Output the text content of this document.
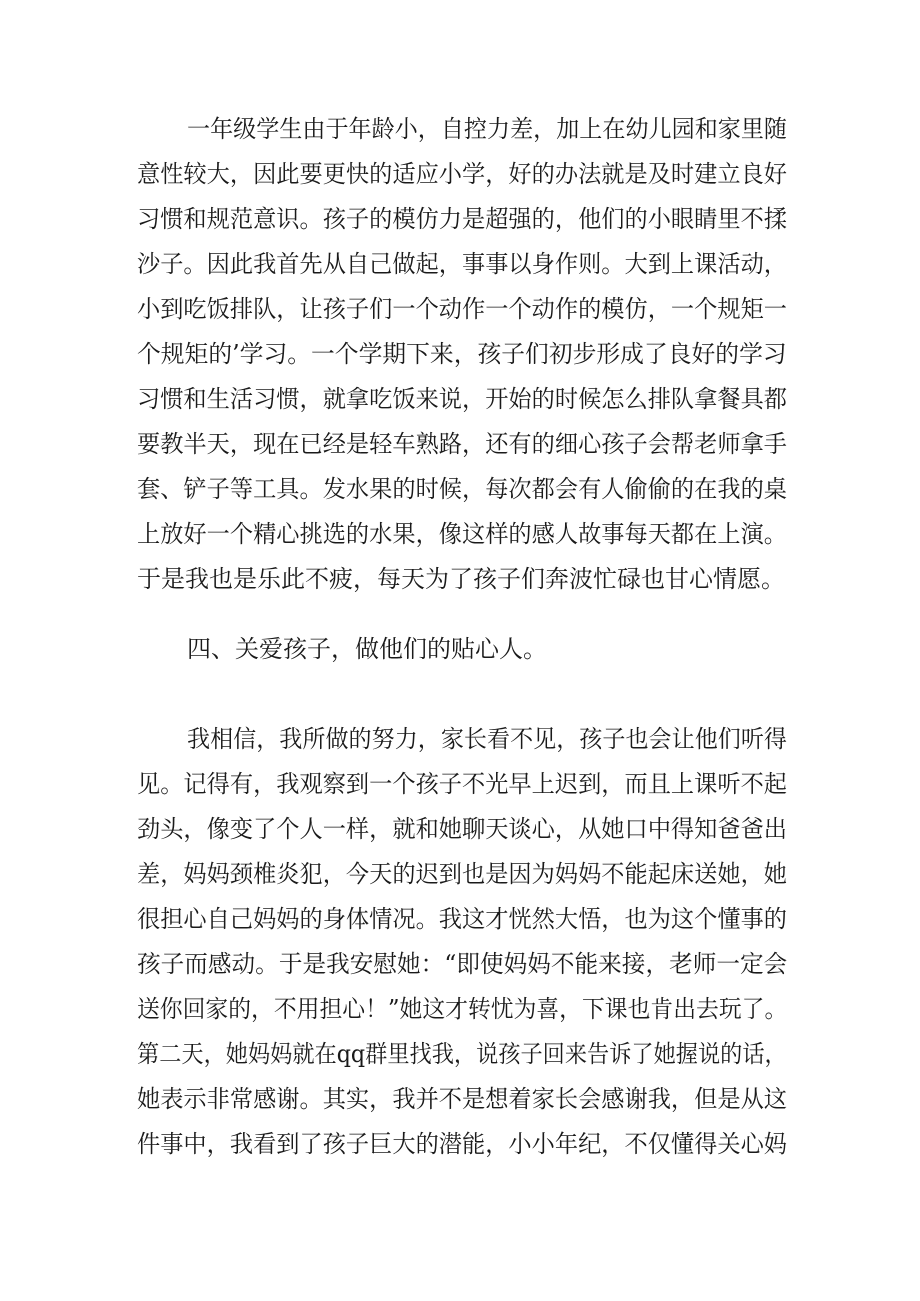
一年级学生由于年龄小，自控力差，加上在幼儿园和家里随
意性较大，因此要更快的适应小学，好的办法就是及时建立良好
习惯和规范意识。孩子的模仿力是超强的，他们的小眼睛里不揉
沙子。因此我首先从自己做起，事事以身作则。大到上课活动，
小到吃饭排队，让孩子们一个动作一个动作的模仿，一个规矩一
个规矩的’学习。一个学期下来，孩子们初步形成了良好的学习
习惯和生活习惯，就拿吃饭来说，开始的时候怎么排队拿餐具都
要教半天，现在已经是轻车熟路，还有的细心孩子会帮老师拿手
套、铲子等工具。发水果的时候，每次都会有人偷偷的在我的桌
上放好一个精心挑选的水果，像这样的感人故事每天都在上演。
于是我也是乐此不疲，每天为了孩子们奔波忙碌也甘心情愿。
四、关爱孩子，做他们的贴心人。
我相信，我所做的努力，家长看不见，孩子也会让他们听得
见。记得有，我观察到一个孩子不光早上迟到，而且上课听不起
劲头，像变了个人一样，就和她聊天谈心，从她口中得知爸爸出
差，妈妈颈椎炎犯，今天的迟到也是因为妈妈不能起床送她，她
很担心自己妈妈的身体情况。我这才恍然大悟，也为这个懂事的
孩子而感动。于是我安慰她：“即使妈妈不能来接，老师一定会
送你回家的，不用担心！”她这才转忧为喜，下课也肯出去玩了。
第二天，她妈妈就在qq群里找我，说孩子回来告诉了她握说的话，
她表示非常感谢。其实，我并不是想着家长会感谢我，但是从这
件事中，我看到了孩子巨大的潜能，小小年纪，不仅懂得关心妈
